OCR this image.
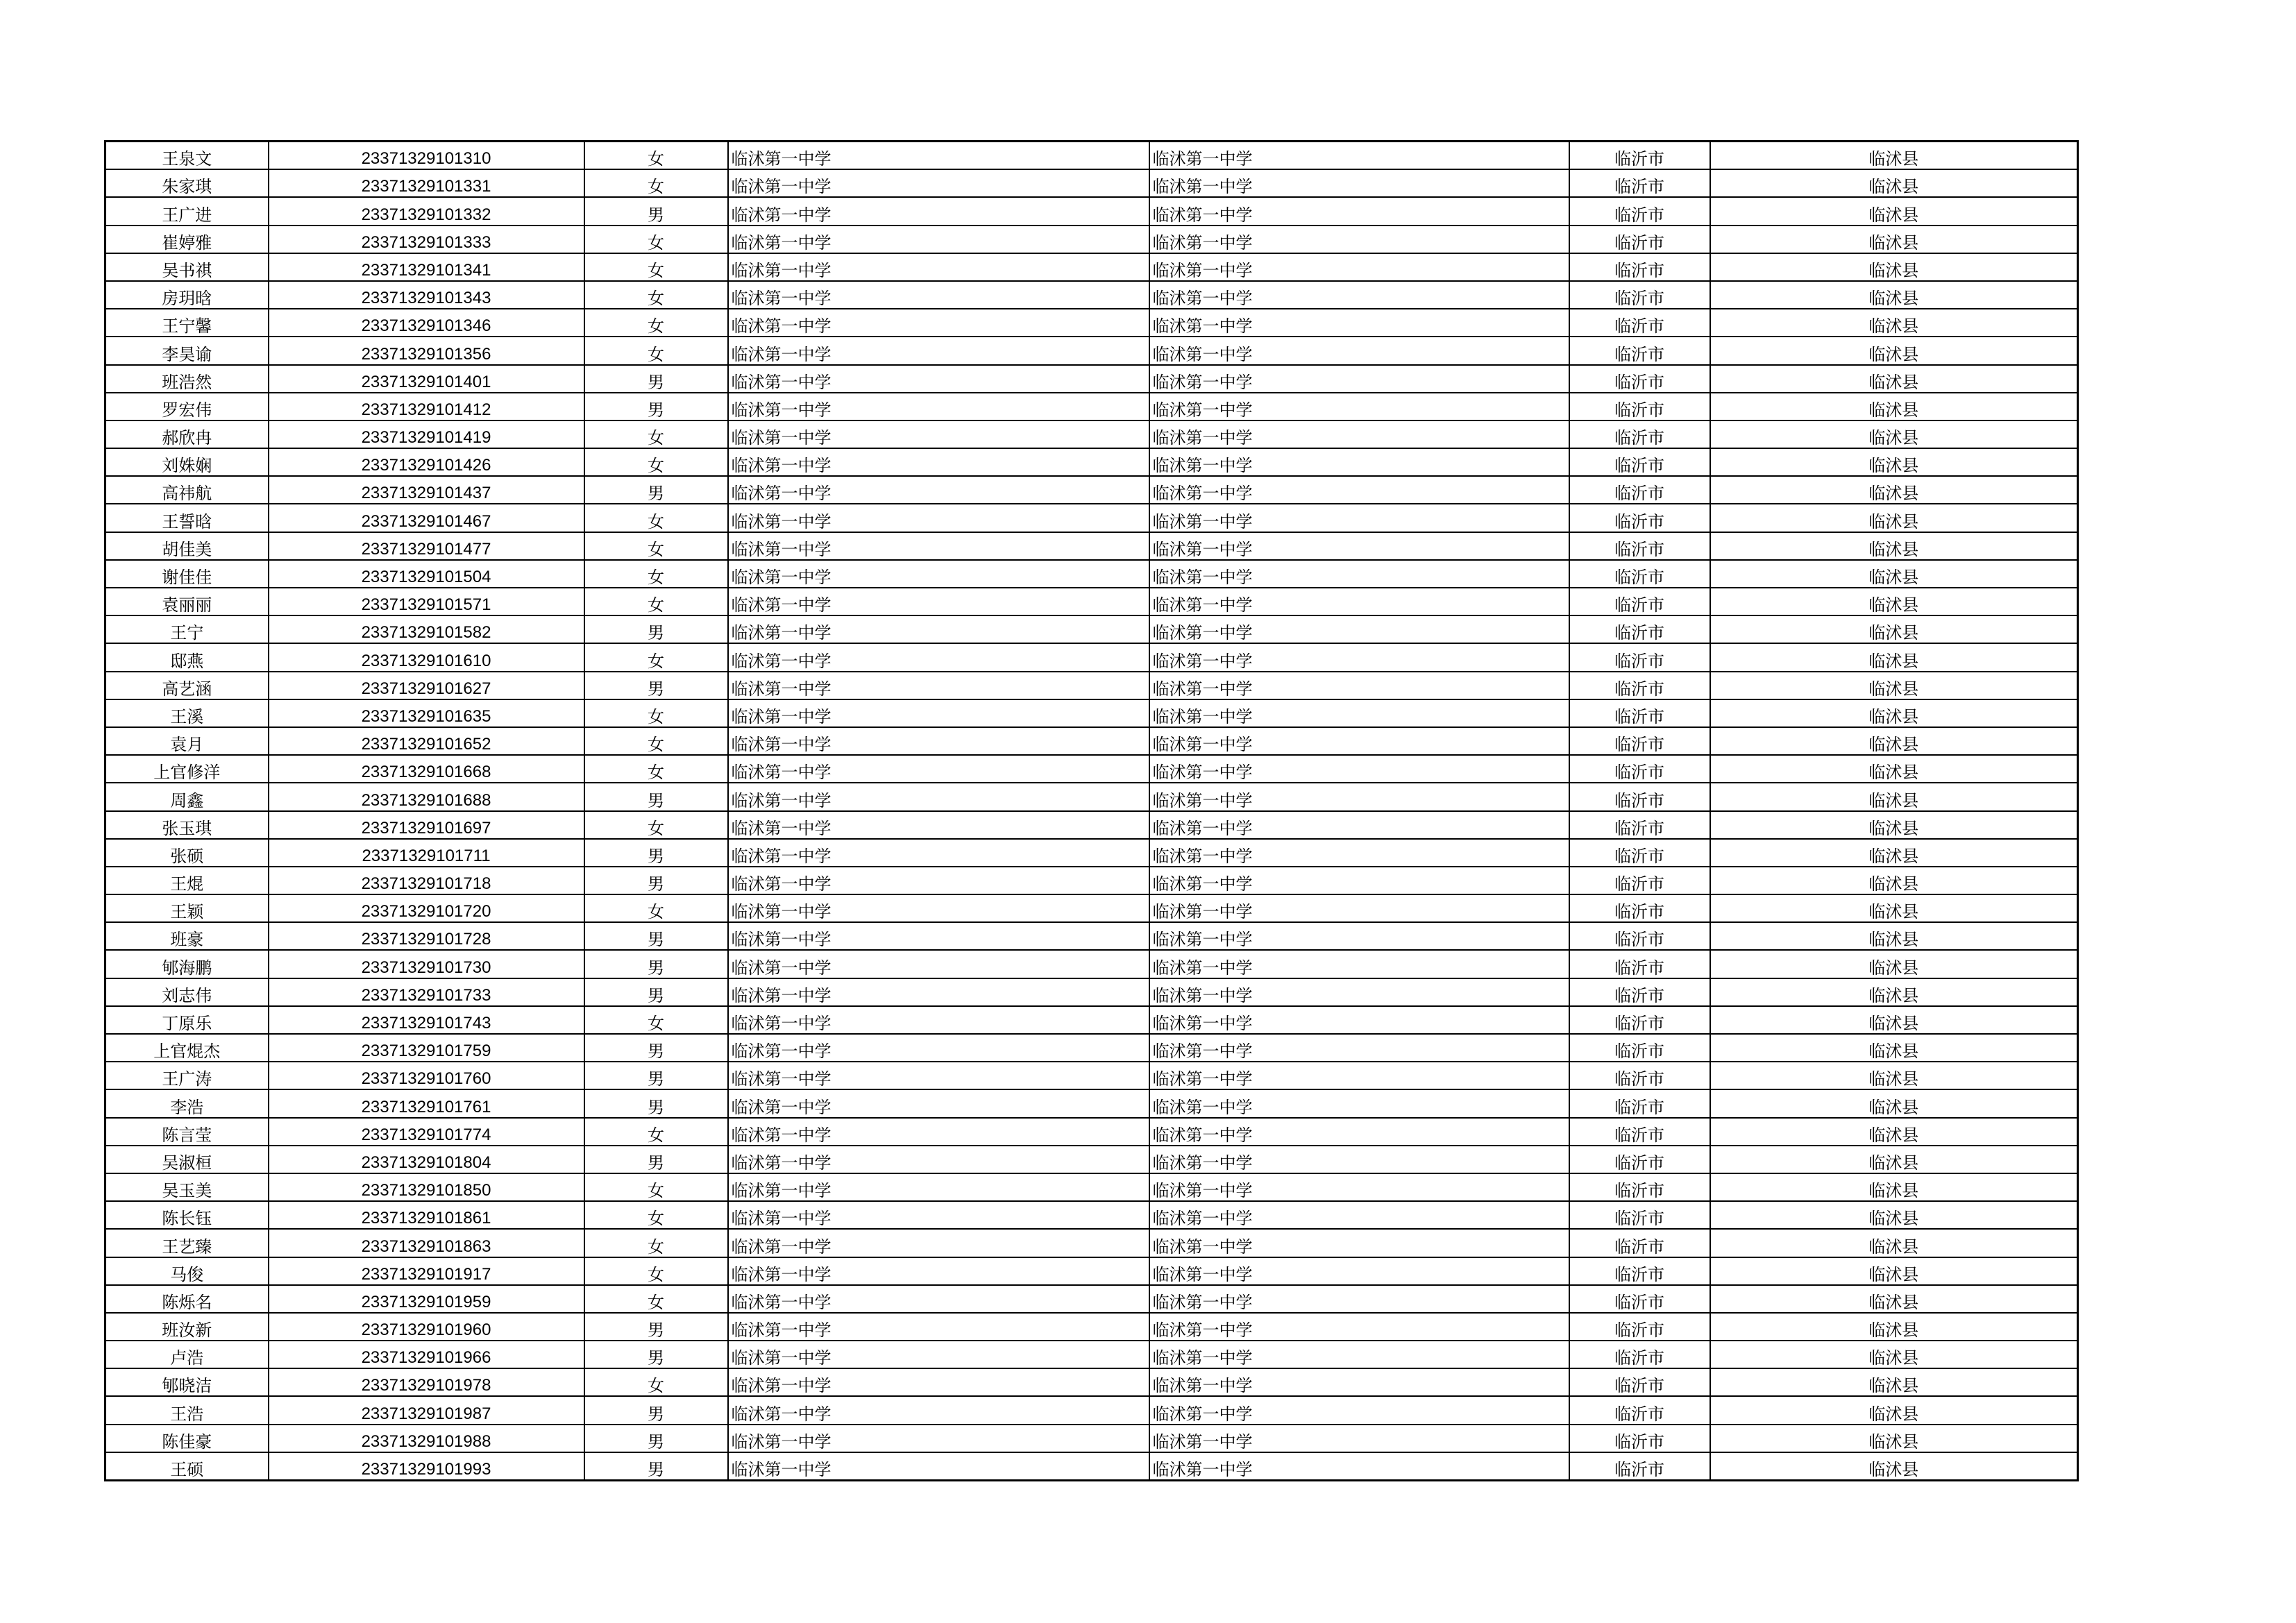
王泉文	23371329101310	女	临沭第一中学	临沭第一中学	临沂市	临沭县
朱家琪	23371329101331	女	临沭第一中学	临沭第一中学	临沂市	临沭县
王广进	23371329101332	男	临沭第一中学	临沭第一中学	临沂市	临沭县
崔婷雅	23371329101333	女	临沭第一中学	临沭第一中学	临沂市	临沭县
吴书祺	23371329101341	女	临沭第一中学	临沭第一中学	临沂市	临沭县
房玥晗	23371329101343	女	临沭第一中学	临沭第一中学	临沂市	临沭县
王宁馨	23371329101346	女	临沭第一中学	临沭第一中学	临沂市	临沭县
李昊谕	23371329101356	女	临沭第一中学	临沭第一中学	临沂市	临沭县
班浩然	23371329101401	男	临沭第一中学	临沭第一中学	临沂市	临沭县
罗宏伟	23371329101412	男	临沭第一中学	临沭第一中学	临沂市	临沭县
郝欣冉	23371329101419	女	临沭第一中学	临沭第一中学	临沂市	临沭县
刘姝娴	23371329101426	女	临沭第一中学	临沭第一中学	临沂市	临沭县
高祎航	23371329101437	男	临沭第一中学	临沭第一中学	临沂市	临沭县
王誓晗	23371329101467	女	临沭第一中学	临沭第一中学	临沂市	临沭县
胡佳美	23371329101477	女	临沭第一中学	临沭第一中学	临沂市	临沭县
谢佳佳	23371329101504	女	临沭第一中学	临沭第一中学	临沂市	临沭县
袁丽丽	23371329101571	女	临沭第一中学	临沭第一中学	临沂市	临沭县
王宁	23371329101582	男	临沭第一中学	临沭第一中学	临沂市	临沭县
邸燕	23371329101610	女	临沭第一中学	临沭第一中学	临沂市	临沭县
高艺涵	23371329101627	男	临沭第一中学	临沭第一中学	临沂市	临沭县
王溪	23371329101635	女	临沭第一中学	临沭第一中学	临沂市	临沭县
袁月	23371329101652	女	临沭第一中学	临沭第一中学	临沂市	临沭县
上官修洋	23371329101668	女	临沭第一中学	临沭第一中学	临沂市	临沭县
周鑫	23371329101688	男	临沭第一中学	临沭第一中学	临沂市	临沭县
张玉琪	23371329101697	女	临沭第一中学	临沭第一中学	临沂市	临沭县
张硕	23371329101711	男	临沭第一中学	临沭第一中学	临沂市	临沭县
王焜	23371329101718	男	临沭第一中学	临沭第一中学	临沂市	临沭县
王颖	23371329101720	女	临沭第一中学	临沭第一中学	临沂市	临沭县
班豪	23371329101728	男	临沭第一中学	临沭第一中学	临沂市	临沭县
郇海鹏	23371329101730	男	临沭第一中学	临沭第一中学	临沂市	临沭县
刘志伟	23371329101733	男	临沭第一中学	临沭第一中学	临沂市	临沭县
丁原乐	23371329101743	女	临沭第一中学	临沭第一中学	临沂市	临沭县
上官焜杰	23371329101759	男	临沭第一中学	临沭第一中学	临沂市	临沭县
王广涛	23371329101760	男	临沭第一中学	临沭第一中学	临沂市	临沭县
李浩	23371329101761	男	临沭第一中学	临沭第一中学	临沂市	临沭县
陈言莹	23371329101774	女	临沭第一中学	临沭第一中学	临沂市	临沭县
吴淑桓	23371329101804	男	临沭第一中学	临沭第一中学	临沂市	临沭县
吴玉美	23371329101850	女	临沭第一中学	临沭第一中学	临沂市	临沭县
陈长钰	23371329101861	女	临沭第一中学	临沭第一中学	临沂市	临沭县
王艺臻	23371329101863	女	临沭第一中学	临沭第一中学	临沂市	临沭县
马俊	23371329101917	女	临沭第一中学	临沭第一中学	临沂市	临沭县
陈烁名	23371329101959	女	临沭第一中学	临沭第一中学	临沂市	临沭县
班汝新	23371329101960	男	临沭第一中学	临沭第一中学	临沂市	临沭县
卢浩	23371329101966	男	临沭第一中学	临沭第一中学	临沂市	临沭县
郇晓洁	23371329101978	女	临沭第一中学	临沭第一中学	临沂市	临沭县
王浩	23371329101987	男	临沭第一中学	临沭第一中学	临沂市	临沭县
陈佳豪	23371329101988	男	临沭第一中学	临沭第一中学	临沂市	临沭县
王硕	23371329101993	男	临沭第一中学	临沭第一中学	临沂市	临沭县
